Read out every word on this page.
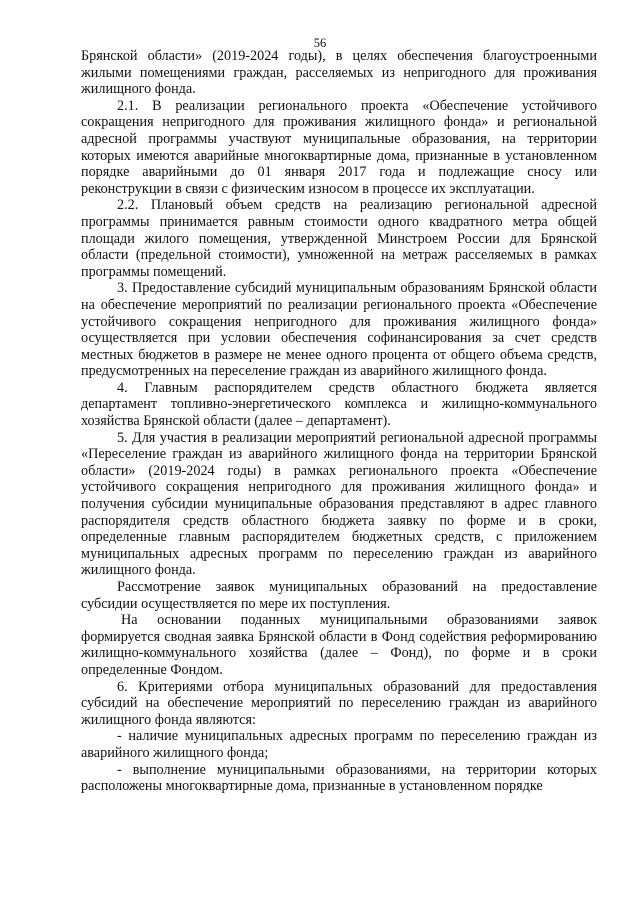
56

Брянской области» (2019-2024 годы), в целях обеспечения благоустроенными жилыми помещениями граждан, расселяемых из непригодного для проживания жилищного фонда.

2.1. В реализации регионального проекта «Обеспечение устойчивого сокращения непригодного для проживания жилищного фонда» и региональной адресной программы участвуют муниципальные образования, на территории которых имеются аварийные многоквартирные дома, признанные в установленном порядке аварийными до 01 января 2017 года и подлежащие сносу или реконструкции в связи с физическим износом в процессе их эксплуатации.

2.2. Плановый объем средств на реализацию региональной адресной программы принимается равным стоимости одного квадратного метра общей площади жилого помещения, утвержденной Минстроем России для Брянской области (предельной стоимости), умноженной на метраж расселяемых в рамках программы помещений.

3. Предоставление субсидий муниципальным образованиям Брянской области на обеспечение мероприятий по реализации регионального проекта «Обеспечение устойчивого сокращения непригодного для проживания жилищного фонда» осуществляется при условии обеспечения софинансирования за счет средств местных бюджетов в размере не менее одного процента от общего объема средств, предусмотренных на переселение граждан из аварийного жилищного фонда.

4. Главным распорядителем средств областного бюджета является департамент топливно-энергетического комплекса и жилищно-коммунального хозяйства Брянской области (далее – департамент).

5. Для участия в реализации мероприятий региональной адресной программы «Переселение граждан из аварийного жилищного фонда на территории Брянской области» (2019-2024 годы) в рамках регионального проекта «Обеспечение устойчивого сокращения непригодного для проживания жилищного фонда» и получения субсидии муниципальные образования представляют в адрес главного распорядителя средств областного бюджета заявку по форме и в сроки, определенные главным распорядителем бюджетных средств, с приложением муниципальных адресных программ по переселению граждан из аварийного жилищного фонда.

Рассмотрение заявок муниципальных образований на предоставление субсидии осуществляется по мере их поступления.

На основании поданных муниципальными образованиями заявок формируется сводная заявка Брянской области в Фонд содействия реформированию жилищно-коммунального хозяйства (далее – Фонд), по форме и в сроки определенные Фондом.

6. Критериями отбора муниципальных образований для предоставления субсидий на обеспечение мероприятий по переселению граждан из аварийного жилищного фонда являются:

- наличие муниципальных адресных программ по переселению граждан из аварийного жилищного фонда;

- выполнение муниципальными образованиями, на территории которых расположены многоквартирные дома, признанные в установленном порядке
